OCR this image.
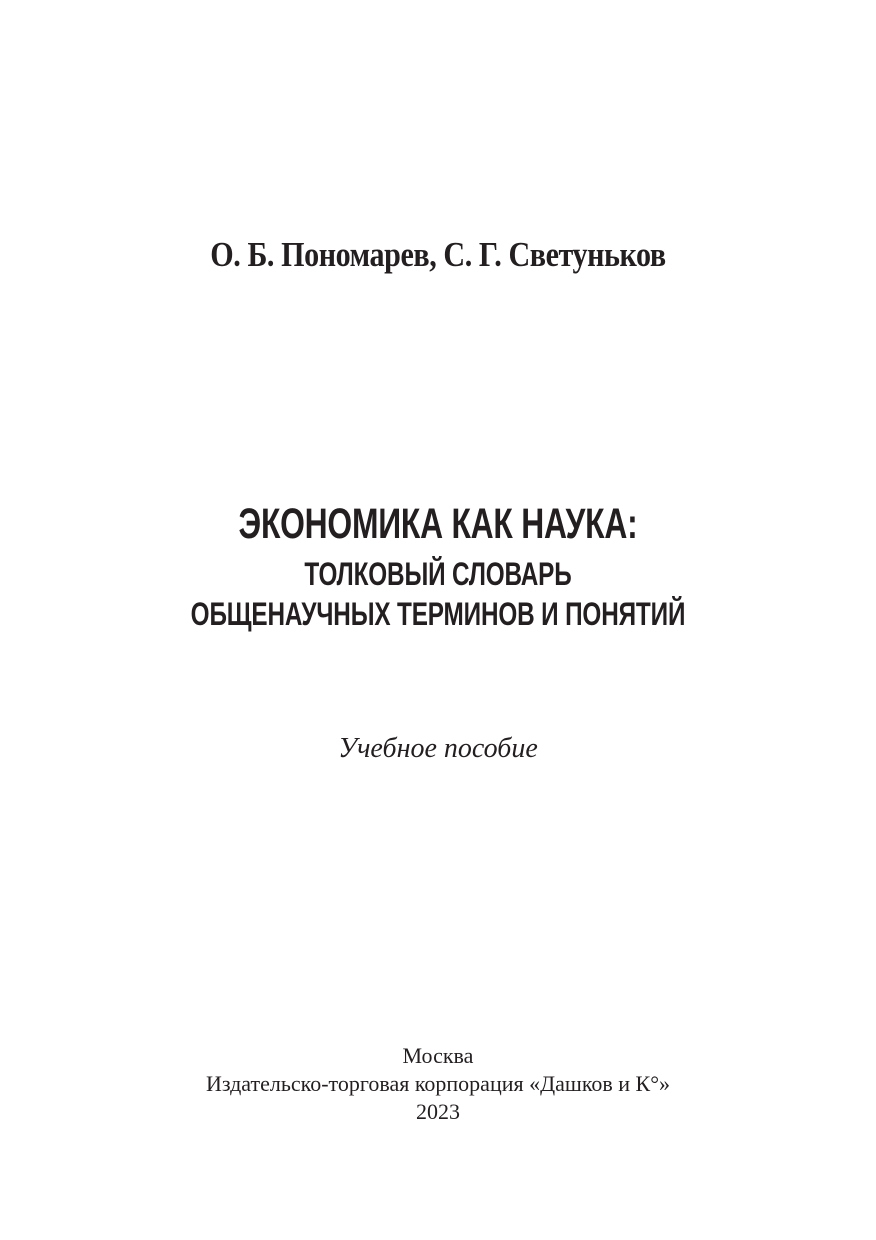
О. Б. Пономарев, С. Г. Светуньков
ЭКОНОМИКА КАК НАУКА:
ТОЛКОВЫЙ СЛОВАРЬ
ОБЩЕНАУЧНЫХ ТЕРМИНОВ И ПОНЯТИЙ
Учебное пособие
Москва
Издательско-торговая корпорация «Дашков и К°»
2023
